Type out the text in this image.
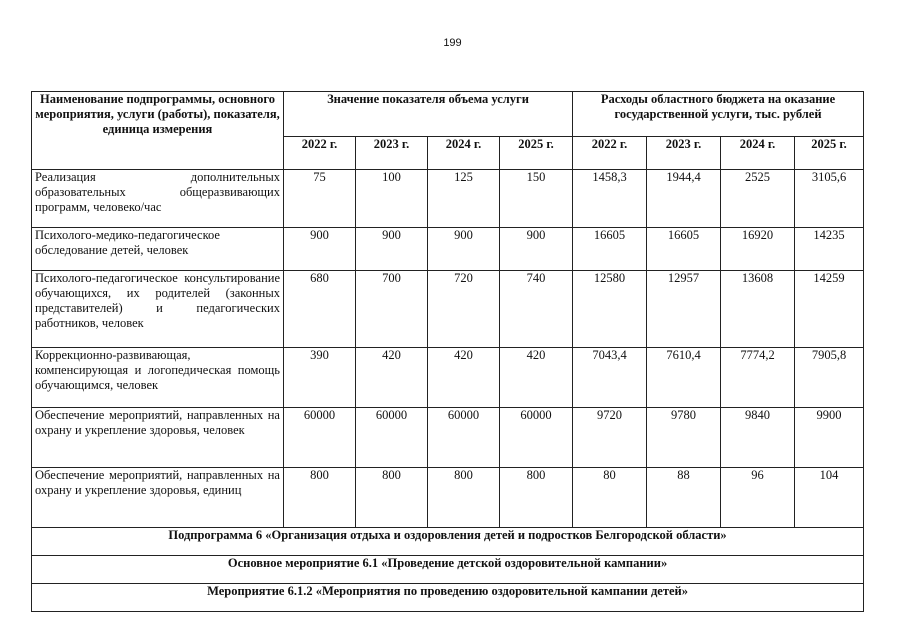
199
Наименование подпрограммы, основного мероприятия, услуги (работы), показателя, единица измерения	Значение показателя объема услуги				Расходы областного бюджета на оказание государственной услуги, тыс. рублей			
	2022 г.	2023 г.	2024 г.	2025 г.	2022 г.	2023 г.	2024 г.	2025 г.
Реализация дополнительных образовательных общеразвивающих программ, человеко/час	75	100	125	150	1458,3	1944,4	2525	3105,6
Психолого-медико-педагогическое обследование детей, человек	900	900	900	900	16605	16605	16920	14235
Психолого-педагогическое консультирование обучающихся, их родителей (законных представителей) и педагогических работников, человек	680	700	720	740	12580	12957	13608	14259
Коррекционно-развивающая, компенсирующая и логопедическая помощь обучающимся, человек	390	420	420	420	7043,4	7610,4	7774,2	7905,8
Обеспечение мероприятий, направленных на охрану и укрепление здоровья, человек	60000	60000	60000	60000	9720	9780	9840	9900
Обеспечение мероприятий, направленных на охрану и укрепление здоровья, единиц	800	800	800	800	80	88	96	104
Подпрограмма 6 «Организация отдыха и оздоровления детей и подростков Белгородской области»								
Основное мероприятие 6.1 «Проведение детской оздоровительной кампании»								
Мероприятие 6.1.2 «Мероприятия по проведению оздоровительной кампании детей»								
